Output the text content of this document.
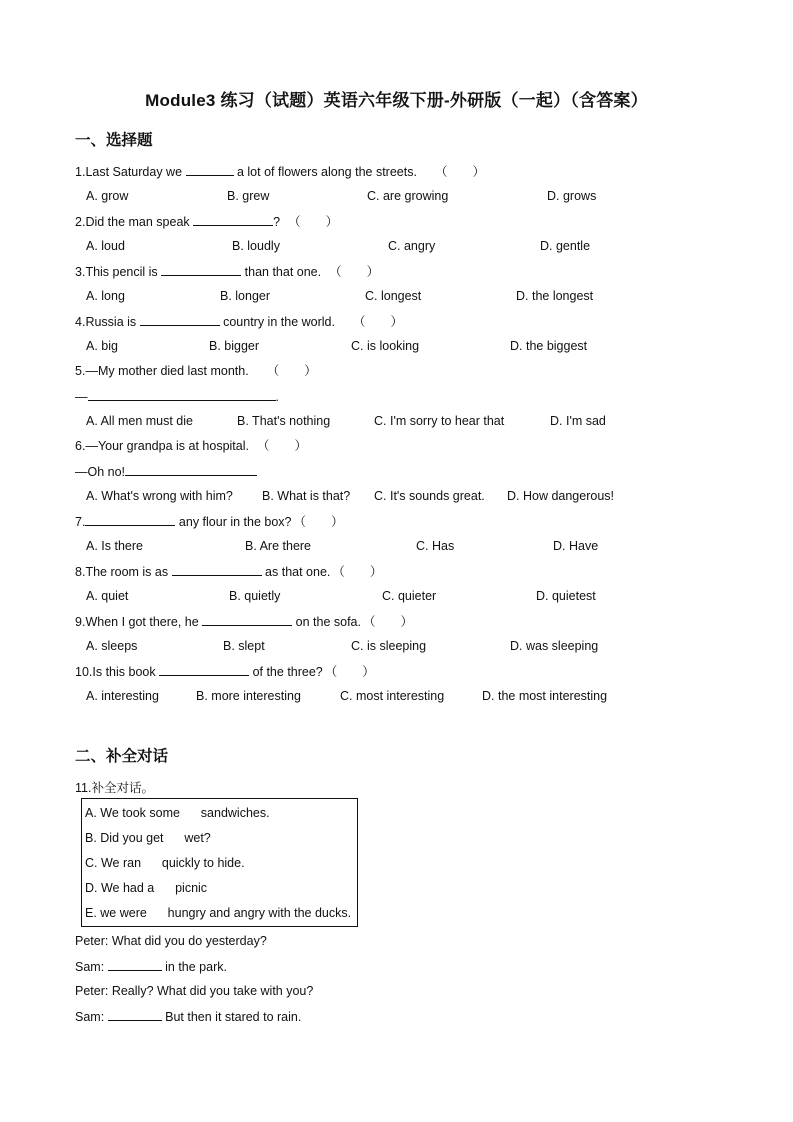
Module3 练习（试题）英语六年级下册-外研版（一起）（含答案）
一、选择题
1.Last Saturday we	a lot of flowers along the streets. （　　）
A. grow	B. grew	C. are growing	D. grows
2.Did the man speak	? （　　）
A. loud	B. loudly	C. angry	D. gentle
3.This pencil is	than that one. （　　）
A. long	B. longer	C. longest	D. the longest
4.Russia is	country in the world. （　　）
A. big	B. bigger	C. is looking	D. the biggest
5.—My mother died last month. （　　）
—	.
A. All men must die	B. That's nothing	C. I'm sorry to hear that	D. I'm sad
6.—Your grandpa is at hospital. （　　）
—Oh no!
A. What's wrong with him? B. What is that? C. It's sounds great. D. How dangerous!
7.	any flour in the box? （　　）
A. Is there	B. Are there	C. Has	D. Have
8.The room is as	as that one. （　　）
A. quiet	B. quietly	C. quieter	D. quietest
9.When I got there, he	on the sofa. （　　）
A. sleeps	B. slept	C. is sleeping	D. was sleeping
10.Is this book	of the three? （　　）
A. interesting	B. more interesting	C. most interesting	D. the most interesting
二、补全对话
11.补全对话。
A. We took some      sandwiches.
B. Did you get      wet?
C. We ran      quickly to hide.
D. We had a      picnic
E. we were      hungry and angry with the ducks.
Peter: What did you do yesterday?
Sam:	in the park.
Peter: Really? What did you take with you?
Sam:	But then it stared to rain.
